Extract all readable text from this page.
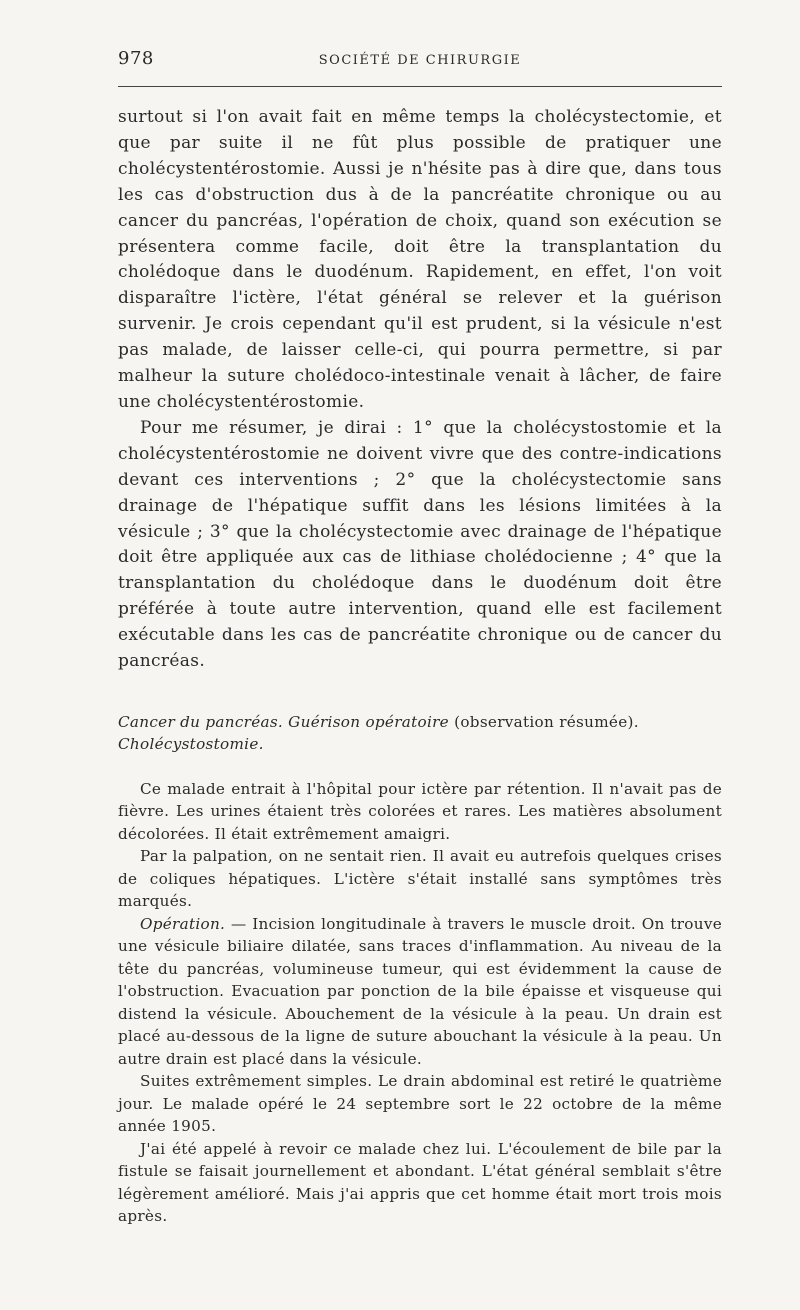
978	SOCIÉTÉ DE CHIRURGIE

surtout si l'on avait fait en même temps la cholécystectomie, et que par suite il ne fût plus possible de pratiquer une cholécystentérostomie. Aussi je n'hésite pas à dire que, dans tous les cas d'obstruction dus à de la pancréatite chronique ou au cancer du pancréas, l'opération de choix, quand son exécution se présentera comme facile, doit être la transplantation du cholédoque dans le duodénum. Rapidement, en effet, l'on voit disparaître l'ictère, l'état général se relever et la guérison survenir. Je crois cependant qu'il est prudent, si la vésicule n'est pas malade, de laisser celle-ci, qui pourra permettre, si par malheur la suture cholédoco-intestinale venait à lâcher, de faire une cholécystentérostomie.

Pour me résumer, je dirai : 1° que la cholécystostomie et la cholécystentérostomie ne doivent vivre que des contre-indications devant ces interventions ; 2° que la cholécystectomie sans drainage de l'hépatique suffit dans les lésions limitées à la vésicule ; 3° que la cholécystectomie avec drainage de l'hépatique doit être appliquée aux cas de lithiase cholédocienne ; 4° que la transplantation du cholédoque dans le duodénum doit être préférée à toute autre intervention, quand elle est facilement exécutable dans les cas de pancréatite chronique ou de cancer du pancréas.

Cancer du pancréas. Guérison opératoire (observation résumée).
Cholécystostomie.

Ce malade entrait à l'hôpital pour ictère par rétention. Il n'avait pas de fièvre. Les urines étaient très colorées et rares. Les matières absolument décolorées. Il était extrêmement amaigri.

Par la palpation, on ne sentait rien. Il avait eu autrefois quelques crises de coliques hépatiques. L'ictère s'était installé sans symptômes très marqués.

Opération. — Incision longitudinale à travers le muscle droit. On trouve une vésicule biliaire dilatée, sans traces d'inflammation. Au niveau de la tête du pancréas, volumineuse tumeur, qui est évidemment la cause de l'obstruction. Evacuation par ponction de la bile épaisse et visqueuse qui distend la vésicule. Abouchement de la vésicule à la peau. Un drain est placé au-dessous de la ligne de suture abouchant la vésicule à la peau. Un autre drain est placé dans la vésicule.

Suites extrêmement simples. Le drain abdominal est retiré le quatrième jour. Le malade opéré le 24 septembre sort le 22 octobre de la même année 1905.

J'ai été appelé à revoir ce malade chez lui. L'écoulement de bile par la fistule se faisait journellement et abondant. L'état général semblait s'être légèrement amélioré. Mais j'ai appris que cet homme était mort trois mois après.
